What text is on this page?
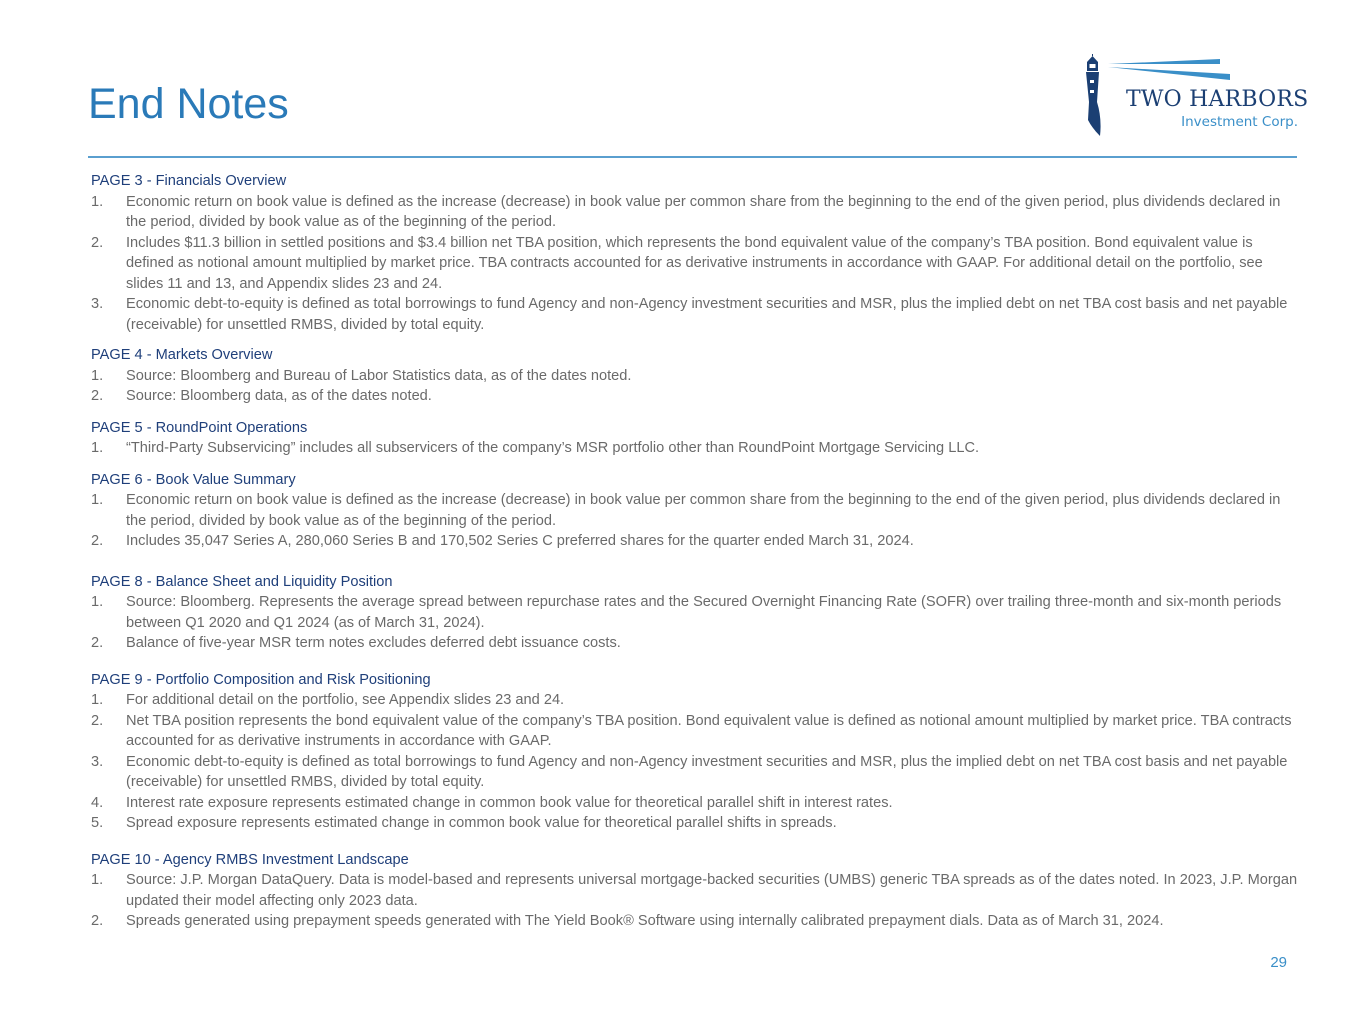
End Notes	TWO HARBORS
Investment Corp.

PAGE 3 - Financials Overview

1. Economic return on book value is defined as the increase (decrease) in book value per common share from the beginning to the end of the given period, plus dividends declared in the period, divided by book value as of the beginning of the period.

2. Includes $11.3 billion in settled positions and $3.4 billion net TBA position, which represents the bond equivalent value of the company’s TBA position. Bond equivalent value is defined as notional amount multiplied by market price. TBA contracts accounted for as derivative instruments in accordance with GAAP. For additional detail on the portfolio, see slides 11 and 13, and Appendix slides 23 and 24.

3. Economic debt-to-equity is defined as total borrowings to fund Agency and non-Agency investment securities and MSR, plus the implied debt on net TBA cost basis and net payable (receivable) for unsettled RMBS, divided by total equity.

PAGE 4 - Markets Overview

1. Source: Bloomberg and Bureau of Labor Statistics data, as of the dates noted.

2. Source: Bloomberg data, as of the dates noted.

PAGE 5 - RoundPoint Operations

1. “Third-Party Subservicing” includes all subservicers of the company’s MSR portfolio other than RoundPoint Mortgage Servicing LLC.

PAGE 6 - Book Value Summary

1. Economic return on book value is defined as the increase (decrease) in book value per common share from the beginning to the end of the given period, plus dividends declared in the period, divided by book value as of the beginning of the period.

2. Includes 35,047 Series A, 280,060 Series B and 170,502 Series C preferred shares for the quarter ended March 31, 2024.

PAGE 8 - Balance Sheet and Liquidity Position

1. Source: Bloomberg. Represents the average spread between repurchase rates and the Secured Overnight Financing Rate (SOFR) over trailing three-month and six-month periods between Q1 2020 and Q1 2024 (as of March 31, 2024).

2. Balance of five-year MSR term notes excludes deferred debt issuance costs.

PAGE 9 - Portfolio Composition and Risk Positioning

1. For additional detail on the portfolio, see Appendix slides 23 and 24.

2. Net TBA position represents the bond equivalent value of the company’s TBA position. Bond equivalent value is defined as notional amount multiplied by market price. TBA contracts accounted for as derivative instruments in accordance with GAAP.

3. Economic debt-to-equity is defined as total borrowings to fund Agency and non-Agency investment securities and MSR, plus the implied debt on net TBA cost basis and net payable (receivable) for unsettled RMBS, divided by total equity.

4. Interest rate exposure represents estimated change in common book value for theoretical parallel shift in interest rates.

5. Spread exposure represents estimated change in common book value for theoretical parallel shifts in spreads.

PAGE 10 - Agency RMBS Investment Landscape

1. Source: J.P. Morgan DataQuery. Data is model-based and represents universal mortgage-backed securities (UMBS) generic TBA spreads as of the dates noted. In 2023, J.P. Morgan updated their model affecting only 2023 data.

2. Spreads generated using prepayment speeds generated with The Yield Book® Software using internally calibrated prepayment dials. Data as of March 31, 2024.

29
